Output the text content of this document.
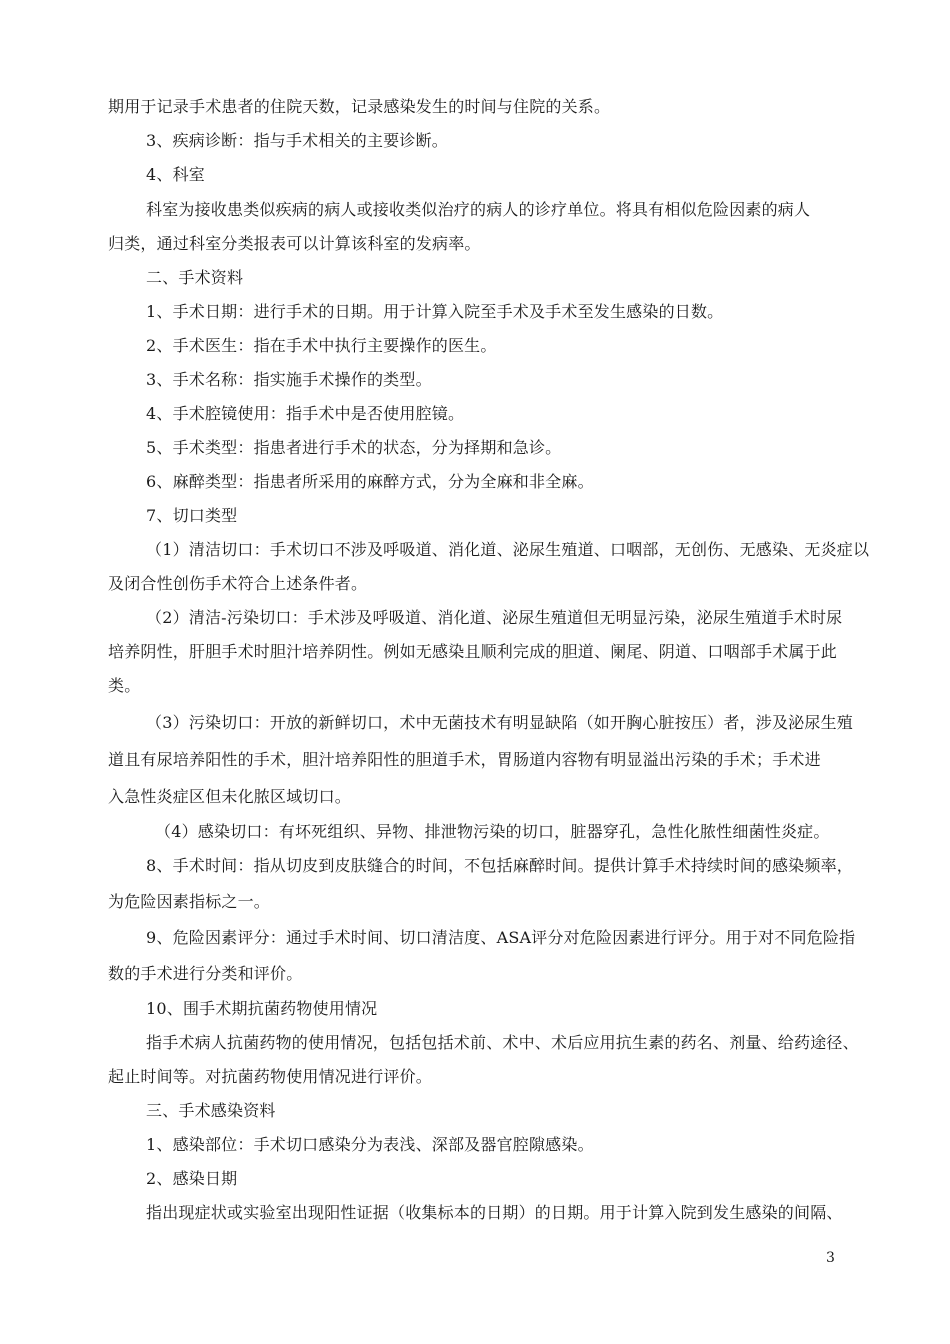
期用于记录手术患者的住院天数，记录感染发生的时间与住院的关系。
3、疾病诊断：指与手术相关的主要诊断。
4、科室
科室为接收患类似疾病的病人或接收类似治疗的病人的诊疗单位。将具有相似危险因素的病人
归类，通过科室分类报表可以计算该科室的发病率。
二、手术资料
1、手术日期：进行手术的日期。用于计算入院至手术及手术至发生感染的日数。
2、手术医生：指在手术中执行主要操作的医生。
3、手术名称：指实施手术操作的类型。
4、手术腔镜使用：指手术中是否使用腔镜。
5、手术类型：指患者进行手术的状态，分为择期和急诊。
6、麻醉类型：指患者所采用的麻醉方式，分为全麻和非全麻。
7、切口类型
（1）清洁切口：手术切口不涉及呼吸道、消化道、泌尿生殖道、口咽部，无创伤、无感染、无炎症以
及闭合性创伤手术符合上述条件者。
（2）清洁-污染切口：手术涉及呼吸道、消化道、泌尿生殖道但无明显污染，泌尿生殖道手术时尿
培养阴性，肝胆手术时胆汁培养阴性。例如无感染且顺利完成的胆道、阑尾、阴道、口咽部手术属于此
类。
（3）污染切口：开放的新鲜切口，术中无菌技术有明显缺陷（如开胸心脏按压）者，涉及泌尿生殖
道且有尿培养阳性的手术，胆汁培养阳性的胆道手术，胃肠道内容物有明显溢出污染的手术；手术进
入急性炎症区但未化脓区域切口。
（4）感染切口：有坏死组织、异物、排泄物污染的切口，脏器穿孔，急性化脓性细菌性炎症。
8、手术时间：指从切皮到皮肤缝合的时间，不包括麻醉时间。提供计算手术持续时间的感染频率，
为危险因素指标之一。
9、危险因素评分：通过手术时间、切口清洁度、ASA评分对危险因素进行评分。用于对不同危险指
数的手术进行分类和评价。
10、围手术期抗菌药物使用情况
指手术病人抗菌药物的使用情况，包括包括术前、术中、术后应用抗生素的药名、剂量、给药途径、
起止时间等。对抗菌药物使用情况进行评价。
三、手术感染资料
1、感染部位：手术切口感染分为表浅、深部及器官腔隙感染。
2、感染日期
指出现症状或实验室出现阳性证据（收集标本的日期）的日期。用于计算入院到发生感染的间隔、
3
